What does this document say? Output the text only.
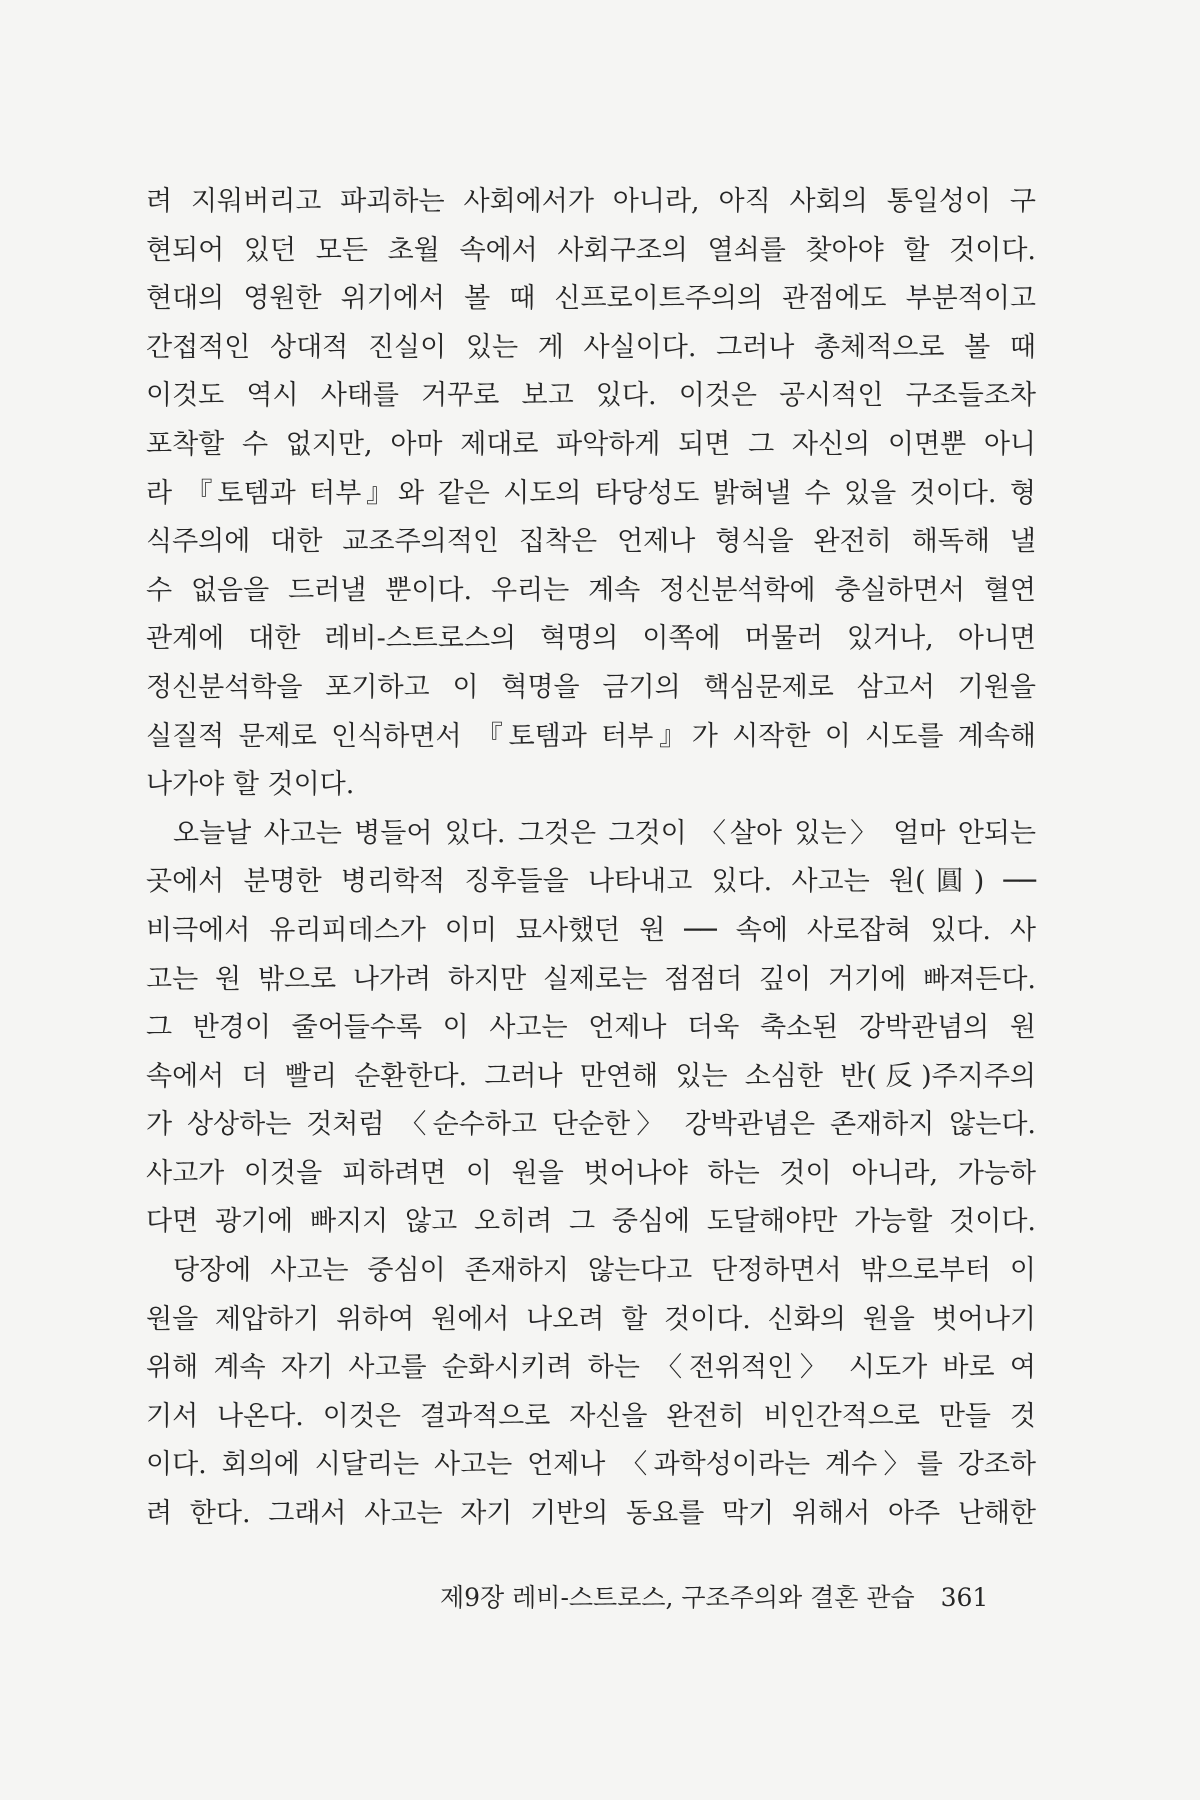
려 지워버리고 파괴하는 사회에서가 아니라, 아직 사회의 통일성이 구
현되어 있던 모든 초월 속에서 사회구조의 열쇠를 찾아야 할 것이다.
현대의 영원한 위기에서 볼 때 신프로이트주의의 관점에도 부분적이고
간접적인 상대적 진실이 있는 게 사실이다. 그러나 총체적으로 볼 때
이것도 역시 사태를 거꾸로 보고 있다. 이것은 공시적인 구조들조차
포착할 수 없지만, 아마 제대로 파악하게 되면 그 자신의 이면뿐 아니
라 『토템과 터부』와 같은 시도의 타당성도 밝혀낼 수 있을 것이다. 형
식주의에 대한 교조주의적인 집착은 언제나 형식을 완전히 해독해 낼
수 없음을 드러낼 뿐이다. 우리는 계속 정신분석학에 충실하면서 혈연
관계에 대한 레비-스트로스의 혁명의 이쪽에 머물러 있거나, 아니면
정신분석학을 포기하고 이 혁명을 금기의 핵심문제로 삼고서 기원을
실질적 문제로 인식하면서 『토템과 터부』가 시작한 이 시도를 계속해
나가야 할 것이다.
오늘날 사고는 병들어 있다. 그것은 그것이 〈살아 있는〉 얼마 안되는
곳에서 분명한 병리학적 징후들을 나타내고 있다. 사고는 원(圓) ──
비극에서 유리피데스가 이미 묘사했던 원 ── 속에 사로잡혀 있다. 사
고는 원 밖으로 나가려 하지만 실제로는 점점더 깊이 거기에 빠져든다.
그 반경이 줄어들수록 이 사고는 언제나 더욱 축소된 강박관념의 원
속에서 더 빨리 순환한다. 그러나 만연해 있는 소심한 반(反)주지주의
가 상상하는 것처럼 〈순수하고 단순한〉 강박관념은 존재하지 않는다.
사고가 이것을 피하려면 이 원을 벗어나야 하는 것이 아니라, 가능하
다면 광기에 빠지지 않고 오히려 그 중심에 도달해야만 가능할 것이다.
당장에 사고는 중심이 존재하지 않는다고 단정하면서 밖으로부터 이
원을 제압하기 위하여 원에서 나오려 할 것이다. 신화의 원을 벗어나기
위해 계속 자기 사고를 순화시키려 하는 〈전위적인〉 시도가 바로 여
기서 나온다. 이것은 결과적으로 자신을 완전히 비인간적으로 만들 것
이다. 회의에 시달리는 사고는 언제나 〈과학성이라는 계수〉를 강조하
려 한다. 그래서 사고는 자기 기반의 동요를 막기 위해서 아주 난해한
제9장 레비-스트로스, 구조주의와 결혼 관습 361
